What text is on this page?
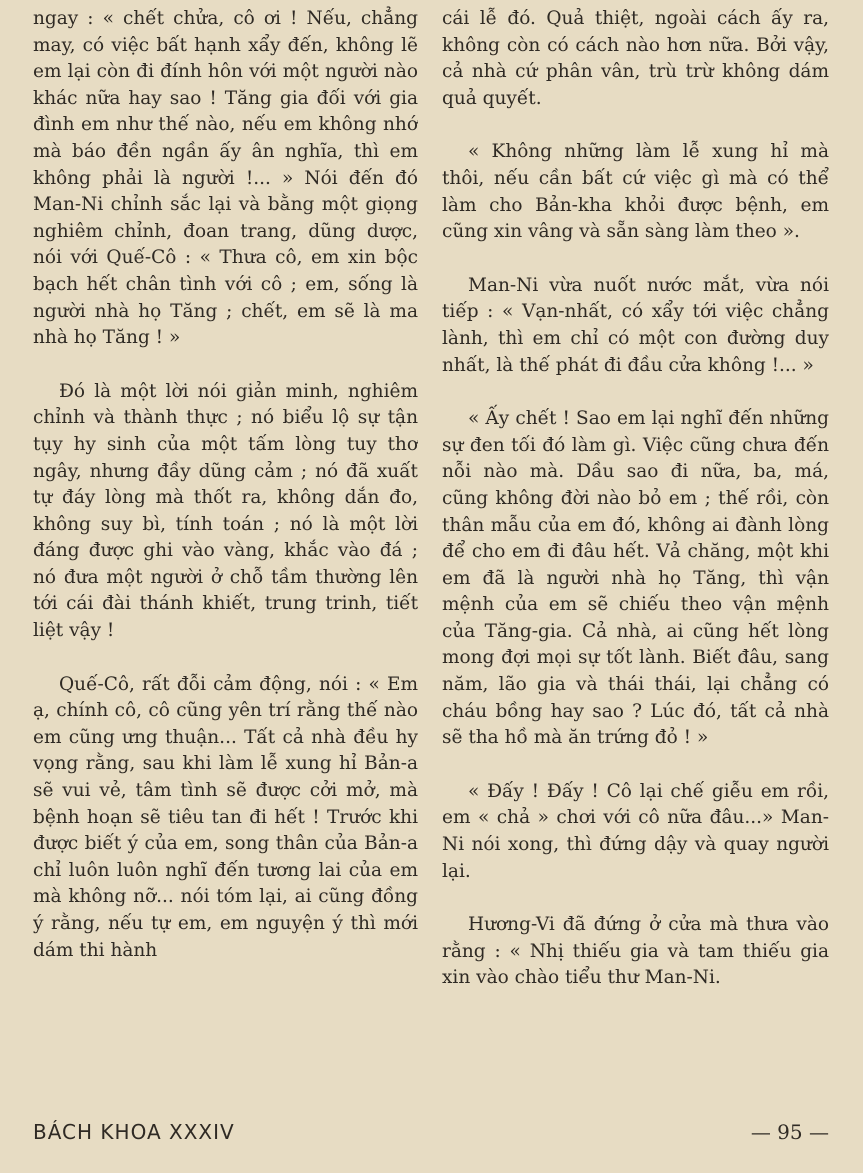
ngay : « chết chửa, cô ơi ! Nếu, chẳng may, có việc bất hạnh xẩy đến, không lẽ em lại còn đi đính hôn với một người nào khác nữa hay sao ! Tăng gia đối với gia đình em như thế nào, nếu em không nhớ mà báo đền ngần ấy ân nghĩa, thì em không phải là người !... » Nói đến đó Man-Ni chỉnh sắc lại và bằng một giọng nghiêm chỉnh, đoan trang, dũng dược, nói với Quế-Cô : « Thưa cô, em xin bộc bạch hết chân tình với cô ; em, sống là người nhà họ Tăng ; chết, em sẽ là ma nhà họ Tăng ! »

Đó là một lời nói giản minh, nghiêm chỉnh và thành thực ; nó biểu lộ sự tận tụy hy sinh của một tấm lòng tuy thơ ngây, nhưng đầy dũng cảm ; nó đã xuất tự đáy lòng mà thốt ra, không dắn đo, không suy bì, tính toán ; nó là một lời đáng được ghi vào vàng, khắc vào đá ; nó đưa một người ở chỗ tầm thường lên tới cái đài thánh khiết, trung trinh, tiết liệt vậy !

Quế-Cô, rất đỗi cảm động, nói : « Em ạ, chính cô, cô cũng yên trí rằng thế nào em cũng ưng thuận... Tất cả nhà đều hy vọng rằng, sau khi làm lễ xung hỉ Bản-a sẽ vui vẻ, tâm tình sẽ được cởi mở, mà bệnh hoạn sẽ tiêu tan đi hết ! Trước khi được biết ý của em, song thân của Bản-a chỉ luôn luôn nghĩ đến tương lai của em mà không nỡ... nói tóm lại, ai cũng đồng ý rằng, nếu tự em, em nguyện ý thì mới dám thi hành

cái lễ đó. Quả thiệt, ngoài cách ấy ra, không còn có cách nào hơn nữa. Bởi vậy, cả nhà cứ phân vân, trù trừ không dám quả quyết.

« Không những làm lễ xung hỉ mà thôi, nếu cần bất cứ việc gì mà có thể làm cho Bản-kha khỏi được bệnh, em cũng xin vâng và sẵn sàng làm theo ».

Man-Ni vừa nuốt nước mắt, vừa nói tiếp : « Vạn-nhất, có xẩy tới việc chẳng lành, thì em chỉ có một con đường duy nhất, là thế phát đi đầu cửa không !... »

« Ấy chết ! Sao em lại nghĩ đến những sự đen tối đó làm gì. Việc cũng chưa đến nỗi nào mà. Dầu sao đi nữa, ba, má, cũng không đời nào bỏ em ; thế rồi, còn thân mẫu của em đó, không ai đành lòng để cho em đi đâu hết. Vả chăng, một khi em đã là người nhà họ Tăng, thì vận mệnh của em sẽ chiếu theo vận mệnh của Tăng-gia. Cả nhà, ai cũng hết lòng mong đợi mọi sự tốt lành. Biết đâu, sang năm, lão gia và thái thái, lại chẳng có cháu bồng hay sao ? Lúc đó, tất cả nhà sẽ tha hồ mà ăn trứng đỏ ! »

« Đấy ! Đấy ! Cô lại chế giễu em rồi, em « chả » chơi với cô nữa đâu...» Man-Ni nói xong, thì đứng dậy và quay người lại.

Hương-Vi đã đứng ở cửa mà thưa vào rằng : « Nhị thiếu gia và tam thiếu gia xin vào chào tiểu thư Man-Ni.

BÁCH KHOA XXXIV	— 95 —
